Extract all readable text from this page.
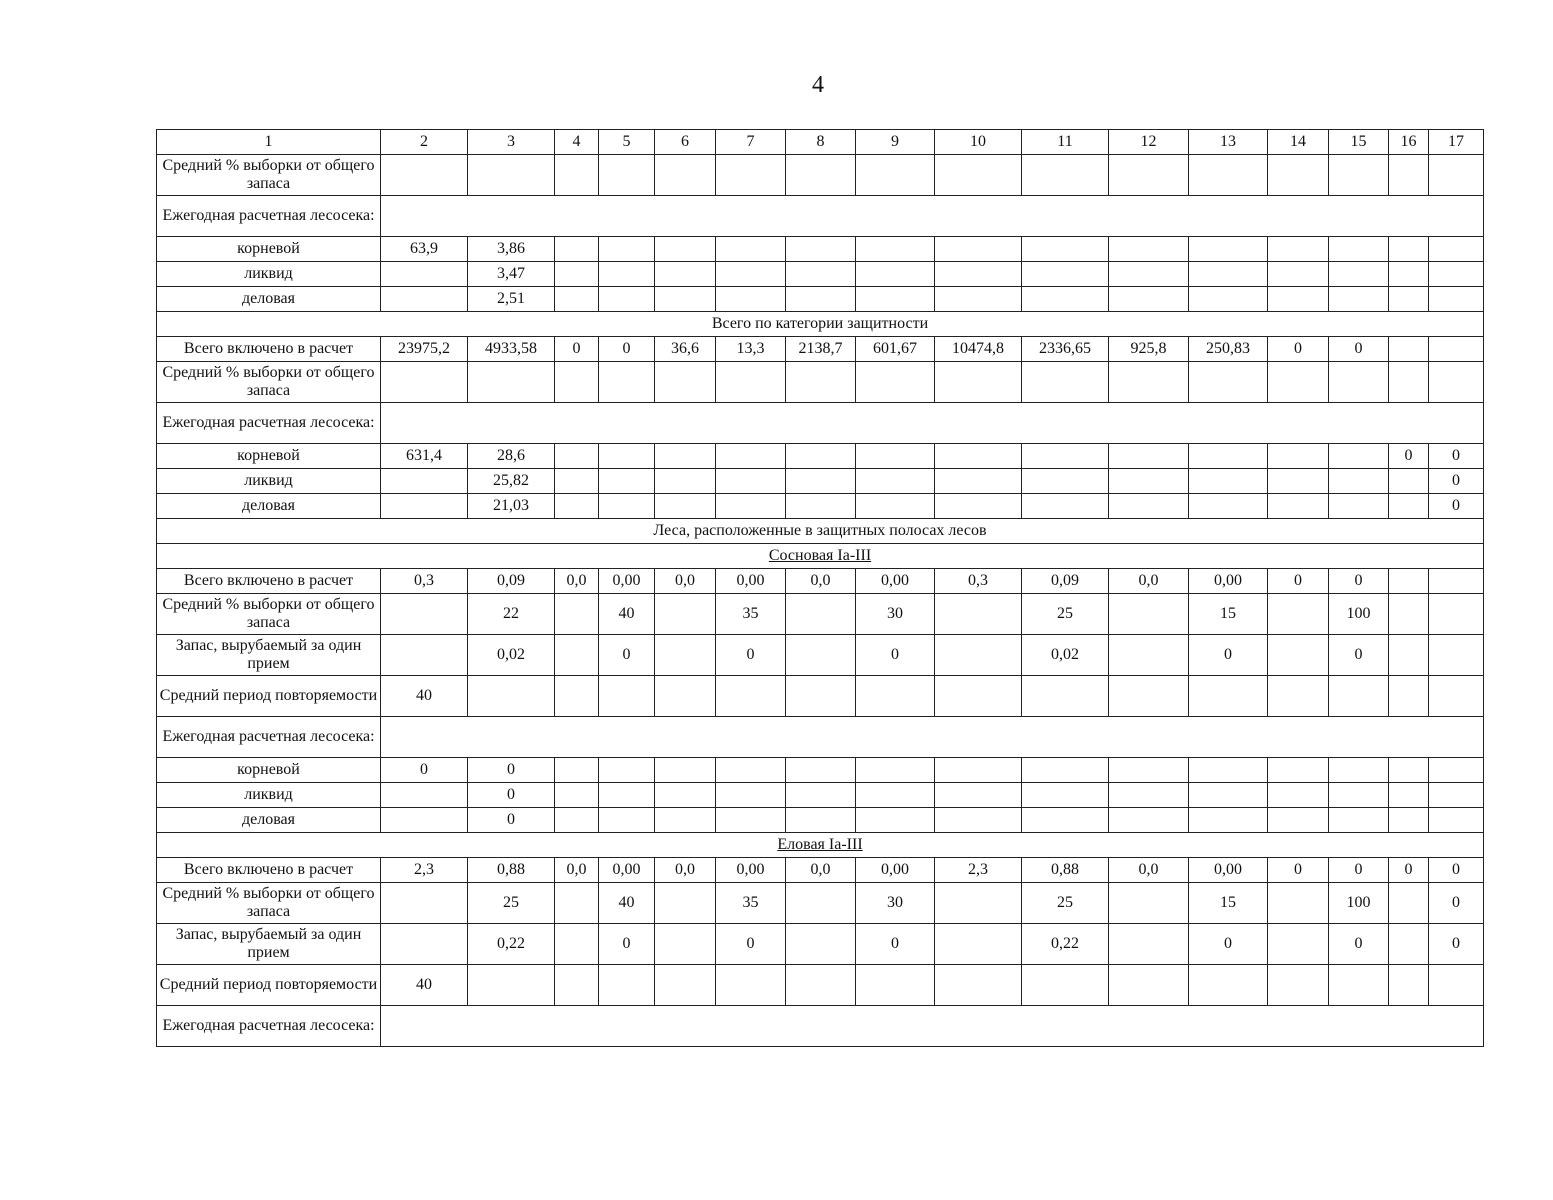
4
1	2	3	4	5	6	7	8	9	10	11	12	13	14	15	16	17
Средний % выборки от общего запаса																
Ежегодная расчетная лесосека:																
корневой	63,9	3,86														
ликвид		3,47														
деловая		2,51														
Всего по категории защитности																
Всего включено в расчет	23975,2	4933,58	0	0	36,6	13,3	2138,7	601,67	10474,8	2336,65	925,8	250,83	0	0		
Средний % выборки от общего запаса																
Ежегодная расчетная лесосека:																
корневой	631,4	28,6													0	0
ликвид		25,82														0
деловая		21,03														0
Леса, расположенные в защитных полосах лесов																
Сосновая Iа-III																
Всего включено в расчет	0,3	0,09	0,0	0,00	0,0	0,00	0,0	0,00	0,3	0,09	0,0	0,00	0	0		
Средний % выборки от общего запаса		22		40		35		30		25		15		100		
Запас, вырубаемый за один прием		0,02		0		0		0		0,02		0		0		
Средний период повторяемости	40															
Ежегодная расчетная лесосека:																
корневой	0	0														
ликвид		0														
деловая		0														
Еловая Iа-III																
Всего включено в расчет	2,3	0,88	0,0	0,00	0,0	0,00	0,0	0,00	2,3	0,88	0,0	0,00	0	0	0	0
Средний % выборки от общего запаса		25		40		35		30		25		15		100		0
Запас, вырубаемый за один прием		0,22		0		0		0		0,22		0		0		0
Средний период повторяемости	40															
Ежегодная расчетная лесосека:																
